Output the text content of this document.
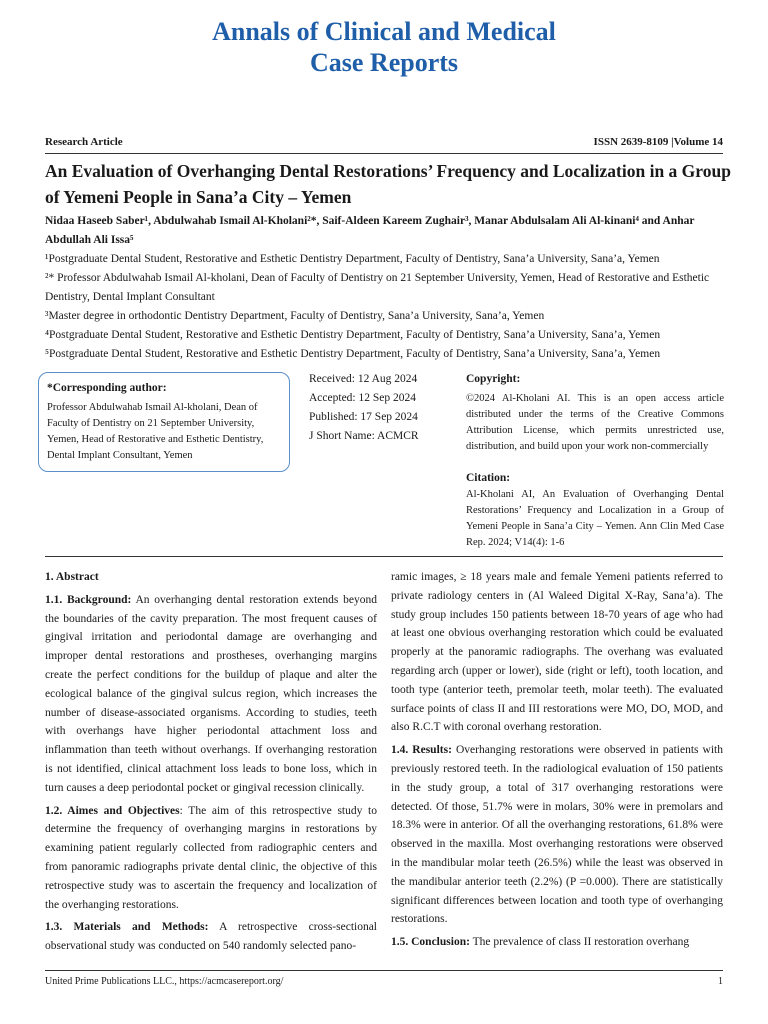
Annals of Clinical and Medical
Case Reports
Research Article	ISSN 2639-8109 |Volume 14
An Evaluation of Overhanging Dental Restorations’ Frequency and Localization in a Group of Yemeni People in Sana’a City – Yemen
Nidaa Haseeb Saber¹, Abdulwahab Ismail Al-Kholani²*, Saif-Aldeen Kareem Zughair³, Manar Abdulsalam Ali Al-kinani⁴ and Anhar Abdullah Ali Issa⁵
¹Postgraduate Dental Student, Restorative and Esthetic Dentistry Department, Faculty of Dentistry, Sana’a University, Sana’a, Yemen
²* Professor Abdulwahab Ismail Al-kholani, Dean of Faculty of Dentistry on 21 September University, Yemen, Head of Restorative and Esthetic Dentistry, Dental Implant Consultant
³Master degree in orthodontic Dentistry Department, Faculty of Dentistry, Sana’a University, Sana’a, Yemen
⁴Postgraduate Dental Student, Restorative and Esthetic Dentistry Department, Faculty of Dentistry, Sana’a University, Sana’a, Yemen
⁵Postgraduate Dental Student, Restorative and Esthetic Dentistry Department, Faculty of Dentistry, Sana’a University, Sana’a, Yemen
*Corresponding author:
Professor Abdulwahab Ismail Al-kholani, Dean of Faculty of Dentistry on 21 September University, Yemen, Head of Restorative and Esthetic Dentistry, Dental Implant Consultant, Yemen
Received: 12 Aug 2024
Accepted: 12 Sep 2024
Published: 17 Sep 2024
J Short Name: ACMCR
Copyright:
©2024 Al-Kholani AI. This is an open access article distributed under the terms of the Creative Commons Attribution License, which permits unrestricted use, distribution, and build upon your work non-commercially
Citation:
Al-Kholani AI, An Evaluation of Overhanging Dental Restorations’ Frequency and Localization in a Group of Yemeni People in Sana’a City – Yemen. Ann Clin Med Case Rep. 2024; V14(4): 1-6

1. Abstract

1.1. Background: An overhanging dental restoration extends beyond the boundaries of the cavity preparation. The most frequent causes of gingival irritation and periodontal damage are overhanging and improper dental restorations and prostheses, overhanging margins create the perfect conditions for the buildup of plaque and alter the ecological balance of the gingival sulcus region, which increases the number of disease-associated organisms. According to studies, teeth with overhangs have higher periodontal attachment loss and inflammation than teeth without overhangs. If overhanging restoration is not identified, clinical attachment loss leads to bone loss, which in turn causes a deep periodontal pocket or gingival recession clinically.

1.2. Aimes and Objectives: The aim of this retrospective study to determine the frequency of overhanging margins in restorations by examining patient regularly collected from radiographic centers and from panoramic radiographs private dental clinic, the objective of this retrospective study was to ascertain the frequency and localization of the overhanging restorations.

1.3. Materials and Methods: A retrospective cross-sectional observational study was conducted on 540 randomly selected pano-

ramic images, ≥ 18 years male and female Yemeni patients referred to private radiology centers in (Al Waleed Digital X-Ray, Sana’a). The study group includes 150 patients between 18-70 years of age who had at least one obvious overhanging restoration which could be evaluated properly at the panoramic radiographs. The overhang was evaluated regarding arch (upper or lower), side (right or left), tooth location, and tooth type (anterior teeth, premolar teeth, molar teeth). The evaluated surface points of class II and III restorations were MO, DO, MOD, and also R.C.T with coronal overhang restoration.

1.4. Results: Overhanging restorations were observed in patients with previously restored teeth. In the radiological evaluation of 150 patients in the study group, a total of 317 overhanging restorations were detected. Of those, 51.7% were in molars, 30% were in premolars and 18.3% were in anterior. Of all the overhanging restorations, 61.8% were observed in the maxilla. Most overhanging restorations were observed in the mandibular molar teeth (26.5%) while the least was observed in the mandibular anterior teeth (2.2%) (P =0.000). There are statistically significant differences between location and tooth type of overhanging restorations.

1.5. Conclusion: The prevalence of class II restoration overhang

United Prime Publications LLC., https://acmcasereport.org/	1
